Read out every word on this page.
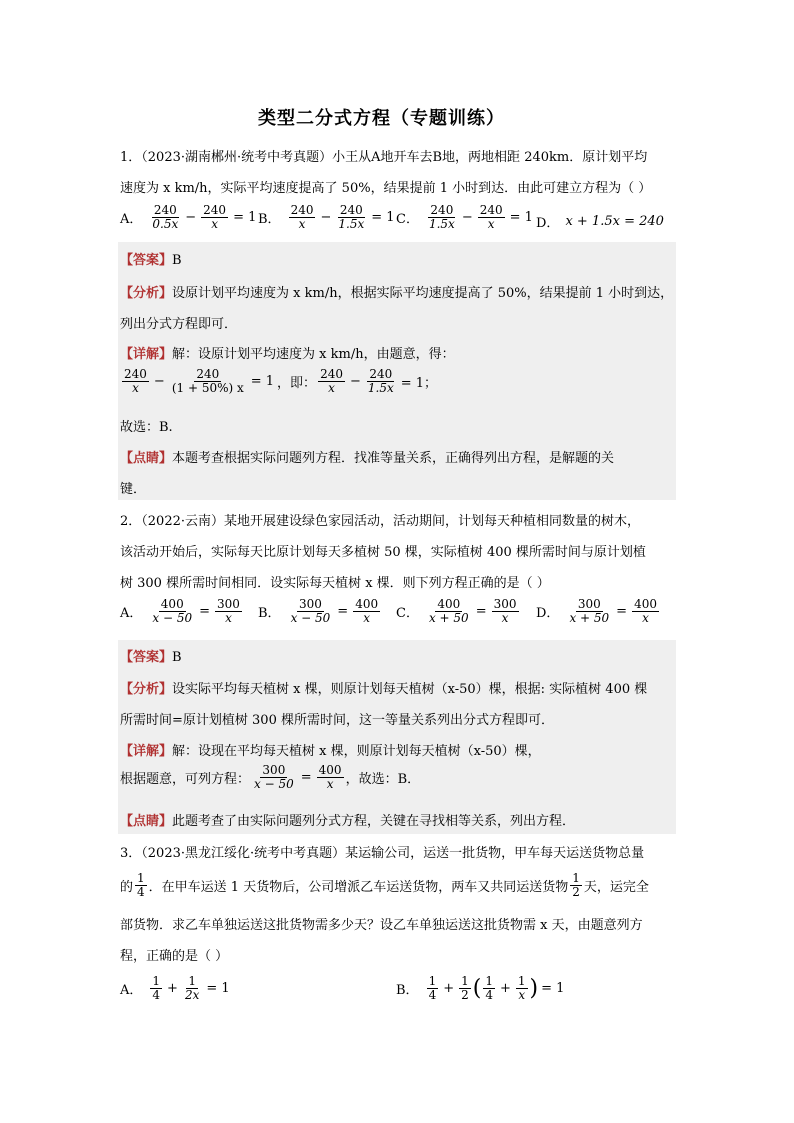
类型二分式方程（专题训练）
1．（2023·湖南郴州·统考中考真题）小王从A地开车去B地，两地相距 240km．原计划平均
速度为 x km/h，实际平均速度提高了 50%，结果提前 1 小时到达．由此可建立方程为（ ）
A． $\frac{240}{0.5x} - \frac{240}{x} = 1$ B． $\frac{240}{x} - \frac{240}{1.5x} = 1$ C． $\frac{240}{1.5x} - \frac{240}{x} = 1$ D． x + 1.5x = 240
【答案】B
【分析】设原计划平均速度为 x km/h，根据实际平均速度提高了 50%，结果提前 1 小时到达，
列出分式方程即可．
【详解】解：设原计划平均速度为 x km/h，由题意，得：
$\frac{240}{x} - \frac{240}{(1 + 50\%) x} = 1$ ，即： $\frac{240}{x} - \frac{240}{1.5x} = 1$；
故选：B.
【点睛】本题考查根据实际问题列方程．找准等量关系，正确得列出方程，是解题的关
键．
2．（2022·云南）某地开展建设绿色家园活动，活动期间，计划每天种植相同数量的树木，
该活动开始后，实际每天比原计划每天多植树 50 棵，实际植树 400 棵所需时间与原计划植
树 300 棵所需时间相同．设实际每天植树 x 棵．则下列方程正确的是（ ）
A． $\frac{400}{x - 50} = \frac{300}{x}$ B． $\frac{300}{x - 50} = \frac{400}{x}$ C． $\frac{400}{x + 50} = \frac{300}{x}$ D． $\frac{300}{x + 50} = \frac{400}{x}$
【答案】B
【分析】设实际平均每天植树 x 棵，则原计划每天植树（x-50）棵，根据: 实际植树 400 棵
所需时间=原计划植树 300 棵所需时间，这一等量关系列出分式方程即可．
【详解】解：设现在平均每天植树 x 棵，则原计划每天植树（x-50）棵，
根据题意，可列方程： $\frac{300}{x - 50} = \frac{400}{x}$ ，故选：B．
【点睛】此题考查了由实际问题列分式方程，关键在寻找相等关系，列出方程．
3．（2023·黑龙江绥化·统考中考真题）某运输公司，运送一批货物，甲车每天运送货物总量
的 $\frac{1}{4}$ ．在甲车运送 1 天货物后，公司增派乙车运送货物，两车又共同运送货物 $\frac{1}{2}$ 天，运完全
部货物．求乙车单独运送这批货物需多少天？设乙车单独运送这批货物需 x 天，由题意列方
程，正确的是（ ）
A． $\frac{1}{4} + \frac{1}{2x} = 1$	B． $\frac{1}{4} + \frac{1}{2}$ ( $\frac{1}{4} + \frac{1}{x}$ ) = 1
